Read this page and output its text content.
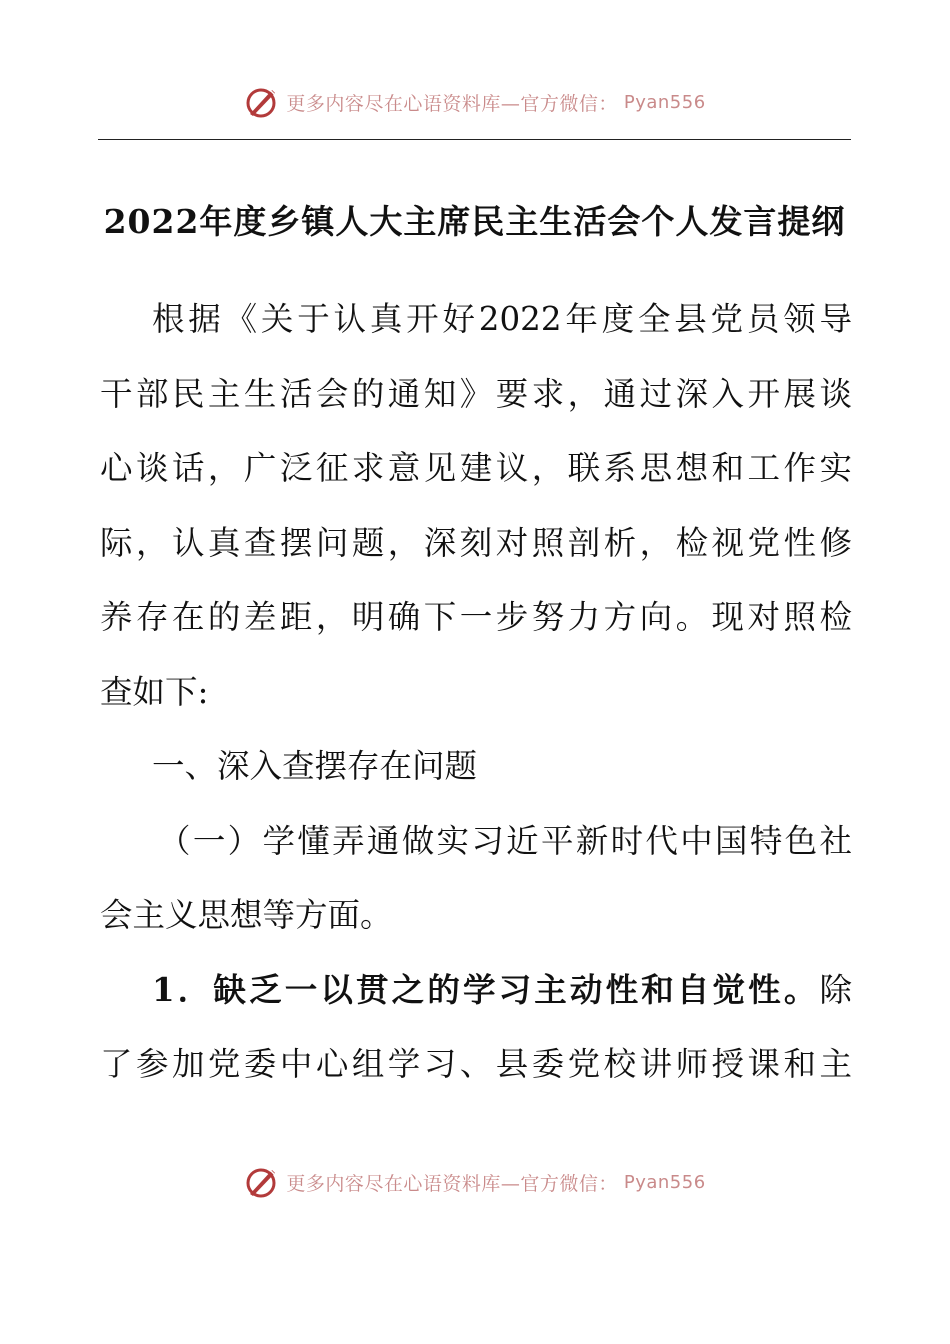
更多内容尽在心语资料库—官方微信： Pyan556
2022年度乡镇人大主席民主生活会个人发言提纲
根据《关于认真开好2022年度全县党员领导
干部民主生活会的通知》要求，通过深入开展谈
心谈话，广泛征求意见建议，联系思想和工作实
际，认真查摆问题，深刻对照剖析，检视党性修
养存在的差距，明确下一步努力方向。现对照检
查如下:
一、深入查摆存在问题
（一）学懂弄通做实习近平新时代中国特色社
会主义思想等方面。
1．缺乏一以贯之的学习主动性和自觉性。除
了参加党委中心组学习、县委党校讲师授课和主
更多内容尽在心语资料库—官方微信： Pyan556
